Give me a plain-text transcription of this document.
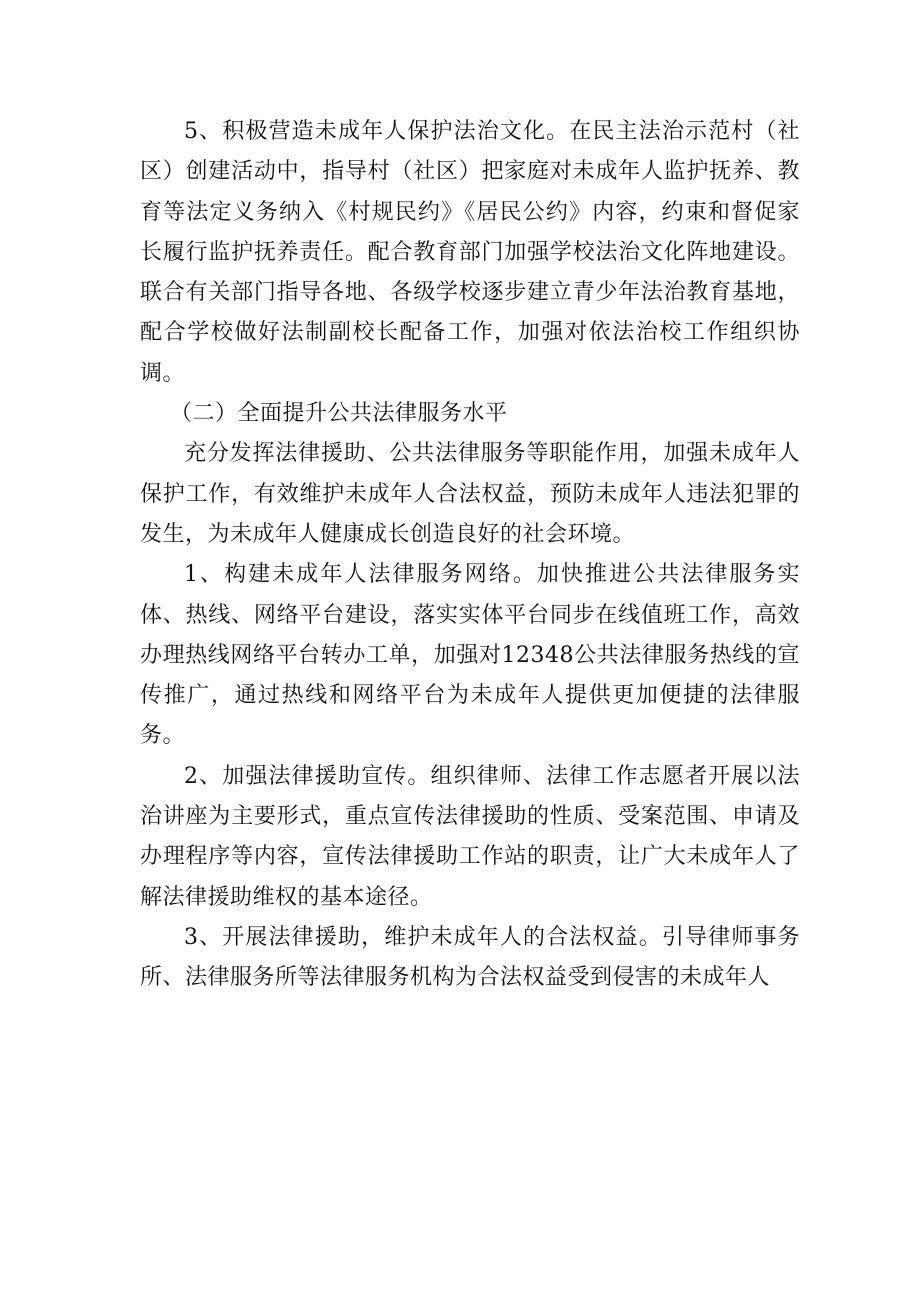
5、积极营造未成年人保护法治文化。在民主法治示范村（社区）创建活动中，指导村（社区）把家庭对未成年人监护抚养、教育等法定义务纳入《村规民约》《居民公约》内容，约束和督促家长履行监护抚养责任。配合教育部门加强学校法治文化阵地建设。联合有关部门指导各地、各级学校逐步建立青少年法治教育基地，配合学校做好法制副校长配备工作，加强对依法治校工作组织协调。

（二）全面提升公共法律服务水平

充分发挥法律援助、公共法律服务等职能作用，加强未成年人保护工作，有效维护未成年人合法权益，预防未成年人违法犯罪的发生，为未成年人健康成长创造良好的社会环境。

1、构建未成年人法律服务网络。加快推进公共法律服务实体、热线、网络平台建设，落实实体平台同步在线值班工作，高效办理热线网络平台转办工单，加强对12348公共法律服务热线的宣传推广，通过热线和网络平台为未成年人提供更加便捷的法律服务。

2、加强法律援助宣传。组织律师、法律工作志愿者开展以法治讲座为主要形式，重点宣传法律援助的性质、受案范围、申请及办理程序等内容，宣传法律援助工作站的职责，让广大未成年人了解法律援助维权的基本途径。

3、开展法律援助，维护未成年人的合法权益。引导律师事务所、法律服务所等法律服务机构为合法权益受到侵害的未成年人
